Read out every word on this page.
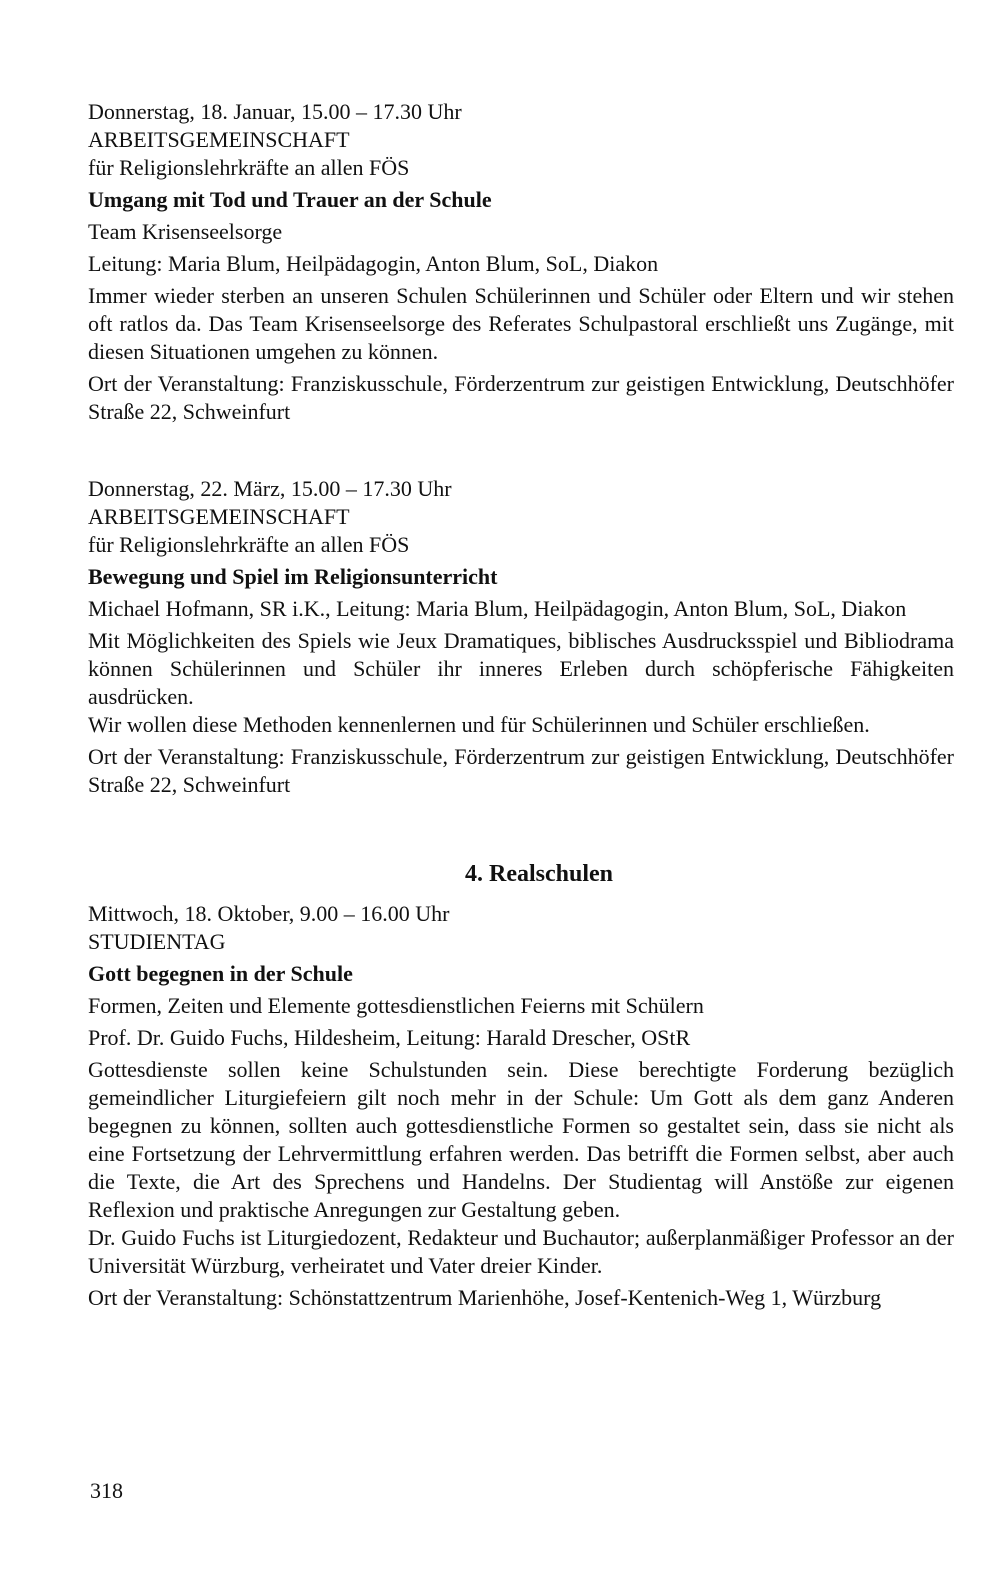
Donnerstag, 18. Januar, 15.00 – 17.30 Uhr
ARBEITSGEMEINSCHAFT
für Religionslehrkräfte an allen FÖS
Umgang mit Tod und Trauer an der Schule
Team Krisenseelsorge
Leitung: Maria Blum, Heilpädagogin, Anton Blum, SoL, Diakon

Immer wieder sterben an unseren Schulen Schülerinnen und Schüler oder Eltern und wir stehen oft ratlos da. Das Team Krisenseelsorge des Referates Schulpastoral erschließt uns Zugänge, mit diesen Situationen umgehen zu können.

Ort der Veranstaltung: Franziskusschule, Förderzentrum zur geistigen Entwicklung, Deutschhöfer Straße 22, Schweinfurt

Donnerstag, 22. März, 15.00 – 17.30 Uhr
ARBEITSGEMEINSCHAFT
für Religionslehrkräfte an allen FÖS
Bewegung und Spiel im Religionsunterricht

Michael Hofmann, SR i.K., Leitung: Maria Blum, Heilpädagogin, Anton Blum, SoL, Diakon

Mit Möglichkeiten des Spiels wie Jeux Dramatiques, biblisches Ausdrucksspiel und Bibliodrama können Schülerinnen und Schüler ihr inneres Erleben durch schöpferische Fähigkeiten ausdrücken.

Wir wollen diese Methoden kennenlernen und für Schülerinnen und Schüler erschließen.

Ort der Veranstaltung: Franziskusschule, Förderzentrum zur geistigen Entwicklung, Deutschhöfer Straße 22, Schweinfurt

4. Realschulen
Mittwoch, 18. Oktober, 9.00 – 16.00 Uhr
STUDIENTAG
Gott begegnen in der Schule
Formen, Zeiten und Elemente gottesdienstlichen Feierns mit Schülern
Prof. Dr. Guido Fuchs, Hildesheim, Leitung: Harald Drescher, OStR

Gottesdienste sollen keine Schulstunden sein. Diese berechtigte Forderung bezüglich gemeindlicher Liturgiefeiern gilt noch mehr in der Schule: Um Gott als dem ganz Anderen begegnen zu können, sollten auch gottesdienstliche Formen so gestaltet sein, dass sie nicht als eine Fortsetzung der Lehrvermittlung erfahren werden. Das betrifft die Formen selbst, aber auch die Texte, die Art des Sprechens und Handelns. Der Studientag will Anstöße zur eigenen Reflexion und praktische Anregungen zur Gestaltung geben.

Dr. Guido Fuchs ist Liturgiedozent, Redakteur und Buchautor; außerplanmäßiger Professor an der Universität Würzburg, verheiratet und Vater dreier Kinder.

Ort der Veranstaltung: Schönstattzentrum Marienhöhe, Josef-Kentenich-Weg 1, Würzburg

318
